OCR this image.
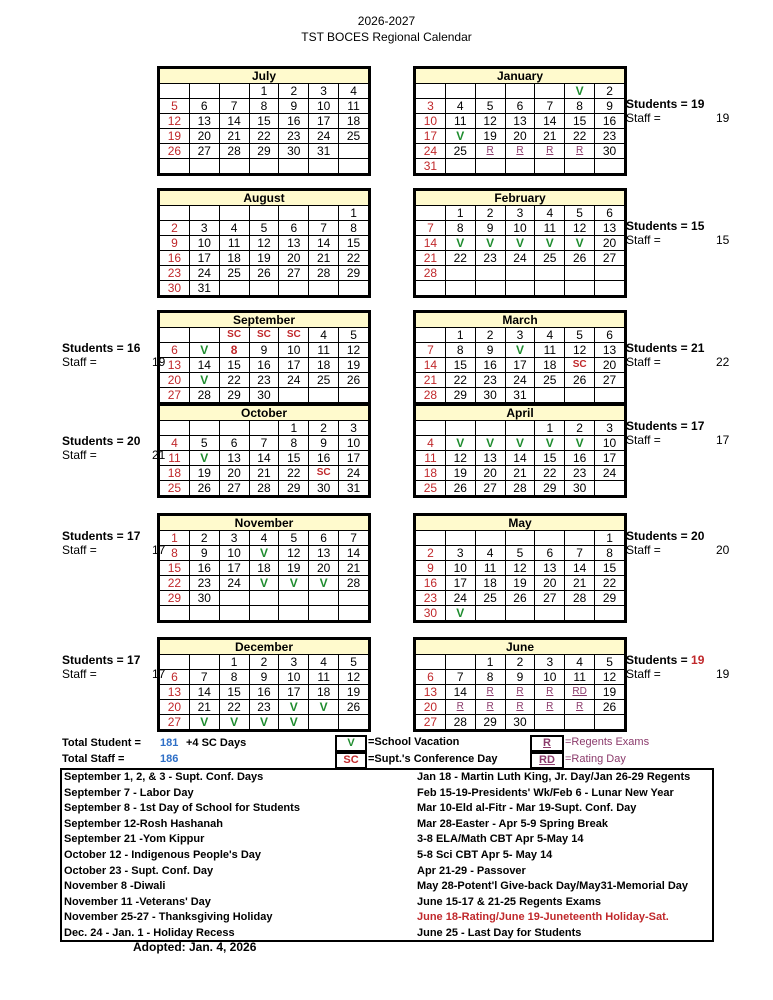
2026-2027
TST BOCES Regional Calendar
July						
			1	2	3	4
5	6	7	8	9	10	11
12	13	14	15	16	17	18
19	20	21	22	23	24	25
26	27	28	29	30	31	

August						
						1
2	3	4	5	6	7	8
9	10	11	12	13	14	15
16	17	18	19	20	21	22
23	24	25	26	27	28	29
30	31					
September						
		SC	SC	SC	4	5
6	V	8	9	10	11	12
13	14	15	16	17	18	19
20	V	22	23	24	25	26
27	28	29	30			
October						
				1	2	3
4	5	6	7	8	9	10
11	V	13	14	15	16	17
18	19	20	21	22	SC	24
25	26	27	28	29	30	31
November						
1	2	3	4	5	6	7
8	9	10	V	12	13	14
15	16	17	18	19	20	21
22	23	24	V	V	V	28
29	30					

December						
		1	2	3	4	5
6	7	8	9	10	11	12
13	14	15	16	17	18	19
20	21	22	23	V	V	26
27	V	V	V	V		
January						
					V	2
3	4	5	6	7	8	9
10	11	12	13	14	15	16
17	V	19	20	21	22	23
24	25	R	R	R	R	30
31						
February						
	1	2	3	4	5	6
7	8	9	10	11	12	13
14	V	V	V	V	V	20
21	22	23	24	25	26	27
28						

March						
	1	2	3	4	5	6
7	8	9	V	11	12	13
14	15	16	17	18	SC	20
21	22	23	24	25	26	27
28	29	30	31			
April						
				1	2	3
4	V	V	V	V	V	10
11	12	13	14	15	16	17
18	19	20	21	22	23	24
25	26	27	28	29	30	
May						
						1
2	3	4	5	6	7	8
9	10	11	12	13	14	15
16	17	18	19	20	21	22
23	24	25	26	27	28	29
30	V					
June						
		1	2	3	4	5
6	7	8	9	10	11	12
13	14	R	R	R	RD	19
20	R	R	R	R	R	26
27	28	29	30			
Students = 16
Staff =	19
Students = 20
Staff =	21
Students = 17
Staff =	17
Students = 17
Staff =	17
Students = 19
Staff =	19
Students = 15
Staff =	15
Students = 21
Staff =	22
Students = 17
Staff =	17
Students = 20
Staff =	20
Students = 19
Staff =	19
Total Student = 181 +4 SC Days
Total Staff =	186
V	=School Vacation
SC =Supt.'s Conference Day
R	=Regents Exams
RD =Rating Day
September 1, 2, & 3 - Supt. Conf. Days
September 7 - Labor Day
September 8 - 1st Day of School for Students
September 12-Rosh Hashanah
September 21 -Yom Kippur
October 12 - Indigenous People's Day
October 23 - Supt. Conf. Day
November 8 -Diwali
November 11 -Veterans' Day
November 25-27 - Thanksgiving Holiday
Dec. 24 - Jan. 1 - Holiday Recess
Jan 18 - Martin Luth King, Jr. Day/Jan 26-29 Regents
Feb 15-19-Presidents' Wk/Feb 6 - Lunar New Year
Mar 10-Eld al-Fitr - Mar 19-Supt. Conf. Day
Mar 28-Easter - Apr 5-9 Spring Break
3-8 ELA/Math CBT Apr 5-May 14
5-8 Sci CBT Apr 5- May 14
Apr 21-29 - Passover
May 28-Potent'l Give-back Day/May31-Memorial Day
June 15-17 & 21-25 Regents Exams
June 18-Rating/June 19-Juneteenth Holiday-Sat.
June 25 - Last Day for Students
Adopted: Jan. 4, 2026
